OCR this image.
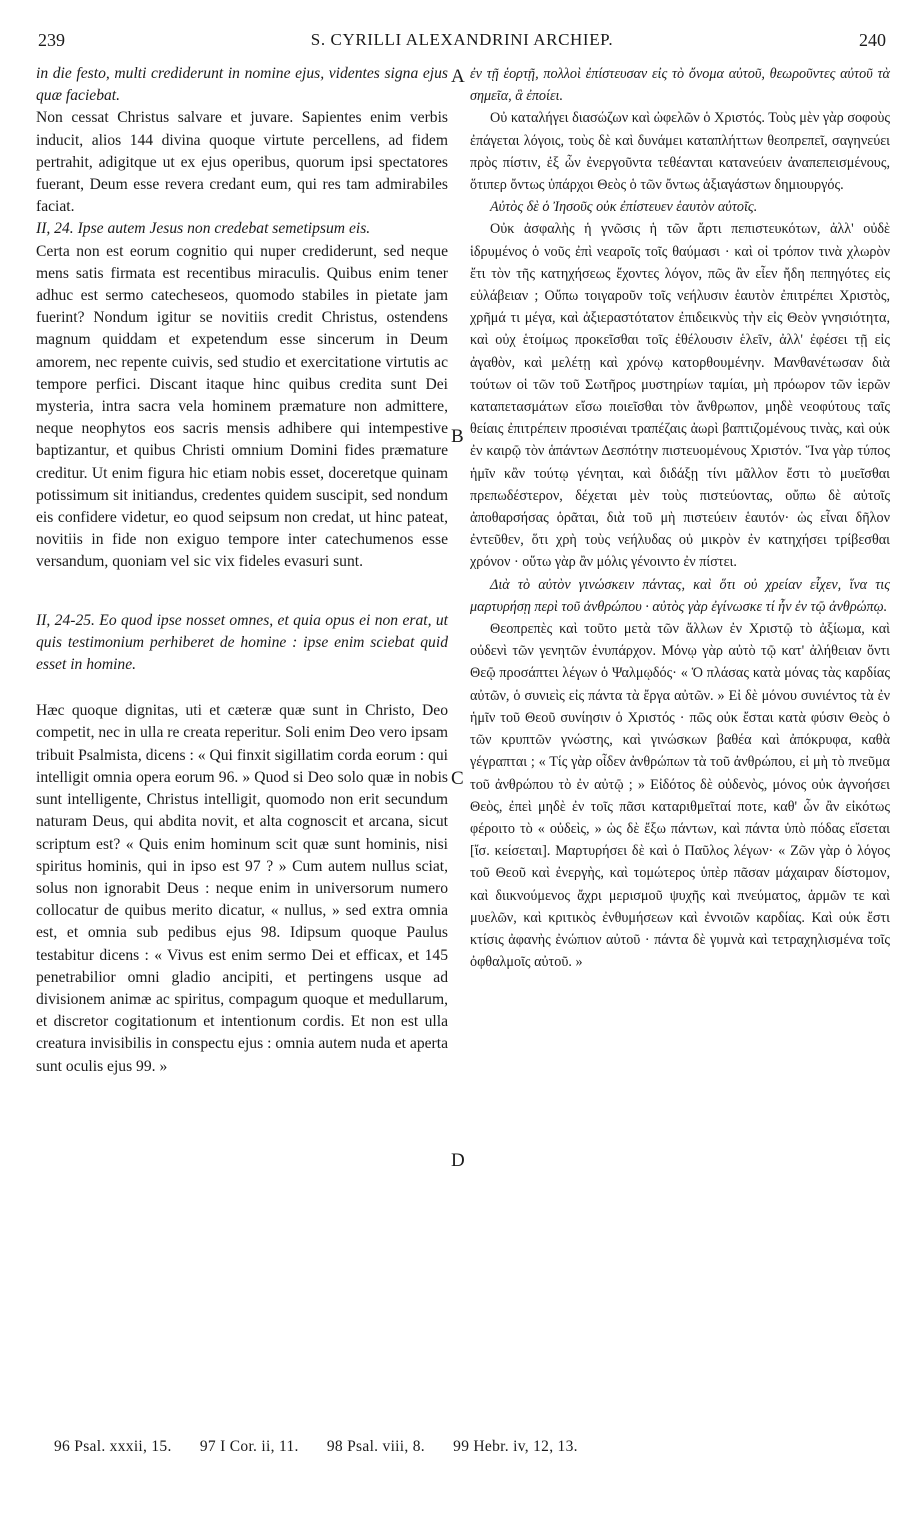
239	S. CYRILLI ALEXANDRINI ARCHIEP.	240

in die festo, multi crediderunt in nomine ejus, videntes signa ejus quæ faciebat.

Non cessat Christus salvare et juvare. Sapientes enim verbis inducit, alios 144 divina quoque virtute percellens, ad fidem pertrahit, adigitque ut ex ejus operibus, quorum ipsi spectatores fuerant, Deum esse revera credant eum, qui res tam admirabiles faciat.

II, 24. Ipse autem Jesus non credebat semetipsum eis.

Certa non est eorum cognitio qui nuper crediderunt, sed neque mens satis firmata est recentibus miraculis. Quibus enim tener adhuc est sermo catecheseos, quomodo stabiles in pietate jam fuerint? Nondum igitur se novitiis credit Christus, ostendens magnum quiddam et expetendum esse sincerum in Deum amorem, nec repente cuivis, sed studio et exercitatione virtutis ac tempore perfici. Discant itaque hinc quibus credita sunt Dei mysteria, intra sacra vela hominem præmature non admittere, neque neophytos eos sacris mensis adhibere qui intempestive baptizantur, et quibus Christi omnium Domini fides præmature creditur. Ut enim figura hic etiam nobis esset, doceretque quinam potissimum sit initiandus, credentes quidem suscipit, sed nondum eis confidere videtur, eo quod seipsum non credat, ut hinc pateat, novitiis in fide non exiguo tempore inter catechumenos esse versandum, quoniam vel sic vix fideles evasuri sunt.

II, 24-25. Eo quod ipse nosset omnes, et quia opus ei non erat, ut quis testimonium perhiberet de homine : ipse enim sciebat quid esset in homine.

Hæc quoque dignitas, uti et cæteræ quæ sunt in Christo, Deo competit, nec in ulla re creata reperitur. Soli enim Deo vero ipsam tribuit Psalmista, dicens : « Qui finxit sigillatim corda eorum : qui intelligit omnia opera eorum 96. » Quod si Deo solo quæ in nobis sunt intelligente, Christus intelligit, quomodo non erit secundum naturam Deus, qui abdita novit, et alta cognoscit et arcana, sicut scriptum est? « Quis enim hominum scit quæ sunt hominis, nisi spiritus hominis, qui in ipso est 97 ? » Cum autem nullus sciat, solus non ignorabit Deus : neque enim in universorum numero collocatur de quibus merito dicatur, « nullus, » sed extra omnia est, et omnia sub pedibus ejus 98. Idipsum quoque Paulus testabitur dicens : « Vivus est enim sermo Dei et efficax, et 145 penetrabilior omni gladio ancipiti, et pertingens usque ad divisionem animæ ac spiritus, compagum quoque et medullarum, et discretor cogitationum et intentionum cordis. Et non est ulla creatura invisibilis in conspectu ejus : omnia autem nuda et aperta sunt oculis ejus 99. »

A
B
C
D

ἐν τῇ ἑορτῇ, πολλοὶ ἐπίστευσαν εἰς τὸ ὄνομα αὐτοῦ, θεωροῦντες αὐτοῦ τὰ σημεῖα, ἃ ἐποίει.

Οὐ καταλήγει διασώζων καὶ ὠφελῶν ὁ Χριστός. Τοὺς μὲν γὰρ σοφοὺς ἐπάγεται λόγοις, τοὺς δὲ καὶ δυνάμει καταπλήττων θεοπρεπεῖ, σαγηνεύει πρὸς πίστιν, ἐξ ὧν ἐνεργοῦντα τεθέανται κατανεύειν ἀναπεπεισμένους, ὅτιπερ ὄντως ὑπάρχοι Θεὸς ὁ τῶν ὄντως ἀξιαγάστων δημιουργός.

Αὐτὸς δὲ ὁ Ἰησοῦς οὐκ ἐπίστευεν ἑαυτὸν αὐτοῖς.

Οὐκ ἀσφαλὴς ἡ γνῶσις ἡ τῶν ἄρτι πεπιστευκότων, ἀλλ' οὐδὲ ἱδρυμένος ὁ νοῦς ἐπὶ νεαροῖς τοῖς θαύμασι · καὶ οἱ τρόπον τινὰ χλωρὸν ἔτι τὸν τῆς κατηχήσεως ἔχοντες λόγον, πῶς ἂν εἶεν ἤδη πεπηγότες εἰς εὐλάβειαν ; Οὔπω τοιγαροῦν τοῖς νεήλυσιν ἑαυτὸν ἐπιτρέπει Χριστὸς, χρῆμά τι μέγα, καὶ ἀξιεραστότατον ἐπιδεικνὺς τὴν εἰς Θεὸν γνησιότητα, καὶ οὐχ ἑτοίμως προκεῖσθαι τοῖς ἐθέλουσιν ἑλεῖν, ἀλλ' ἐφέσει τῇ εἰς ἀγαθὸν, καὶ μελέτῃ καὶ χρόνῳ κατορθουμένην. Μανθανέτωσαν διὰ τούτων οἱ τῶν τοῦ Σωτῆρος μυστηρίων ταμίαι, μὴ πρόωρον τῶν ἱερῶν καταπετασμάτων εἴσω ποιεῖσθαι τὸν ἄνθρωπον, μηδὲ νεοφύτους ταῖς θείαις ἐπιτρέπειν προσιέναι τραπέζαις ἀωρὶ βαπτιζομένους τινὰς, καὶ οὐκ ἐν καιρῷ τὸν ἁπάντων Δεσπότην πιστευομένους Χριστόν. Ἵνα γὰρ τύπος ἡμῖν κἂν τούτῳ γένηται, καὶ διδάξῃ τίνι μᾶλλον ἔστι τὸ μυεῖσθαι πρεπωδέστερον, δέχεται μὲν τοὺς πιστεύοντας, οὔπω δὲ αὐτοῖς ἀποθαρσήσας ὁρᾶται, διὰ τοῦ μὴ πιστεύειν ἑαυτόν· ὡς εἶναι δῆλον ἐντεῦθεν, ὅτι χρὴ τοὺς νεήλυδας οὐ μικρὸν ἐν κατηχήσει τρίβεσθαι χρόνον · οὕτω γὰρ ἂν μόλις γένοιντο ἐν πίστει.

Διὰ τὸ αὐτὸν γινώσκειν πάντας, καὶ ὅτι οὐ χρείαν εἶχεν, ἵνα τις μαρτυρήσῃ περὶ τοῦ ἀνθρώπου · αὐτὸς γὰρ ἐγίνωσκε τί ἦν ἐν τῷ ἀνθρώπῳ.

Θεοπρεπὲς καὶ τοῦτο μετὰ τῶν ἄλλων ἐν Χριστῷ τὸ ἀξίωμα, καὶ οὐδενὶ τῶν γενητῶν ἐνυπάρχον. Μόνῳ γὰρ αὐτὸ τῷ κατ' ἀλήθειαν ὄντι Θεῷ προσάπτει λέγων ὁ Ψαλμῳδός· « Ὁ πλάσας κατὰ μόνας τὰς καρδίας αὐτῶν, ὁ συνιεὶς εἰς πάντα τὰ ἔργα αὐτῶν. » Εἰ δὲ μόνου συνιέντος τὰ ἐν ἡμῖν τοῦ Θεοῦ συνίησιν ὁ Χριστός · πῶς οὐκ ἔσται κατὰ φύσιν Θεὸς ὁ τῶν κρυπτῶν γνώστης, καὶ γινώσκων βαθέα καὶ ἀπόκρυφα, καθὰ γέγραπται ; « Τίς γὰρ οἶδεν ἀνθρώπων τὰ τοῦ ἀνθρώπου, εἰ μὴ τὸ πνεῦμα τοῦ ἀνθρώπου τὸ ἐν αὐτῷ ; » Εἰδότος δὲ οὐδενὸς, μόνος οὐκ ἀγνοήσει Θεὸς, ἐπεὶ μηδὲ ἐν τοῖς πᾶσι καταριθμεῖταί ποτε, καθ' ὧν ἂν εἰκότως φέροιτο τὸ « οὐδεὶς, » ὡς δὲ ἔξω πάντων, καὶ πάντα ὑπὸ πόδας εἴσεται [ἴσ. κείσεται]. Μαρτυρήσει δὲ καὶ ὁ Παῦλος λέγων· « Ζῶν γὰρ ὁ λόγος τοῦ Θεοῦ καὶ ἐνεργὴς, καὶ τομώτερος ὑπὲρ πᾶσαν μάχαιραν δίστομον, καὶ διικνούμενος ἄχρι μερισμοῦ ψυχῆς καὶ πνεύματος, ἁρμῶν τε καὶ μυελῶν, καὶ κριτικὸς ἐνθυμήσεων καὶ ἐννοιῶν καρδίας. Καὶ οὐκ ἔστι κτίσις ἀφανὴς ἐνώπιον αὐτοῦ · πάντα δὲ γυμνὰ καὶ τετραχηλισμένα τοῖς ὀφθαλμοῖς αὐτοῦ. »

96 Psal. xxxii, 15. 97 I Cor. ii, 11. 98 Psal. viii, 8. 99 Hebr. iv, 12, 13.
